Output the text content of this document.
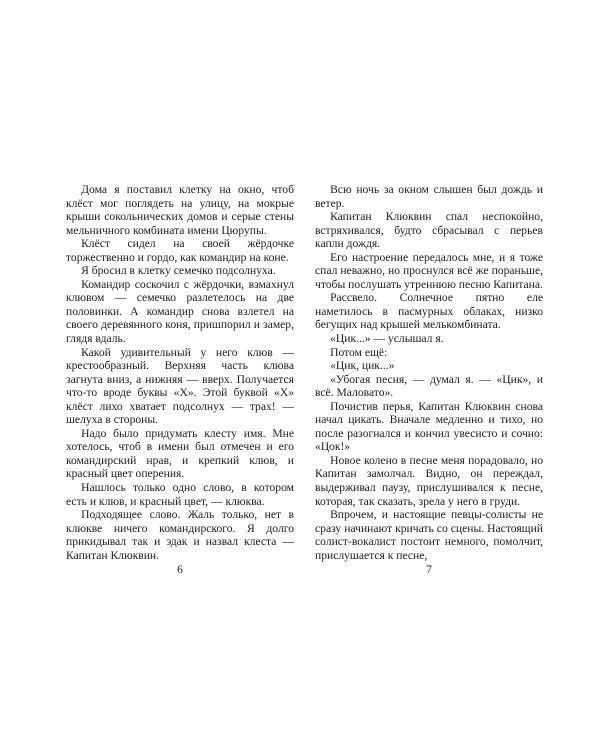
Дома я поставил клетку на окно, чтоб клёст мог поглядеть на улицу, на мокрые крыши сокольнических домов и серые стены мельничного комбината имени Цюрупы.

Клёст сидел на своей жёрдочке торжественно и гордо, как командир на коне.

Я бросил в клетку семечко подсолнуха.

Командир соскочил с жёрдочки, взмахнул клювом — семечко разлетелось на две половинки. А командир снова взлетел на своего деревянного коня, пришпорил и замер, глядя вдаль.

Какой удивительный у него клюв — крестообразный. Верхняя часть клюва загнута вниз, а нижняя — вверх. Получается что-то вроде буквы «Х». Этой буквой «Х» клёст лихо хватает подсолнух — трах! — шелуха в стороны.

Надо было придумать клесту имя. Мне хотелось, чтоб в имени был отмечен и его командирский нрав, и крепкий клюв, и красный цвет оперения.

Нашлось только одно слово, в котором есть и клюв, и красный цвет, — клюква.

Подходящее слово. Жаль только, нет в клюкве ничего командирского. Я долго прикидывал так и эдак и назвал клеста — Капитан Клюквин.

6

Всю ночь за окном слышен был дождь и ветер.

Капитан Клюквин спал неспокойно, встряхивался, будто сбрасывал с перьев капли дождя.

Его настроение передалось мне, и я тоже спал неважно, но проснулся всё же пораньше, чтобы послушать утреннюю песню Капитана.

Рассвело. Солнечное пятно еле наметилось в пасмурных облаках, низко бегущих над крышей мелькомбината.

«Цик...» — услышал я.

Потом ещё:

«Цик, цик...»

«Убогая песня, — думал я. — «Цик», и всё. Маловато».

Почистив перья, Капитан Клюквин снова начал цикать. Вначале медленно и тихо, но после разогнался и кончил увесисто и сочно: «Цок!»

Новое колено в песне меня порадовало, но Капитан замолчал. Видно, он переждал, выдерживал паузу, прислушивался к песне, которая, так сказать, зрела у него в груди.

Впрочем, и настоящие певцы-солисты не сразу начинают кричать со сцены. Настоящий солист-вокалист постоит немного, помолчит, прислушается к песне,

7
